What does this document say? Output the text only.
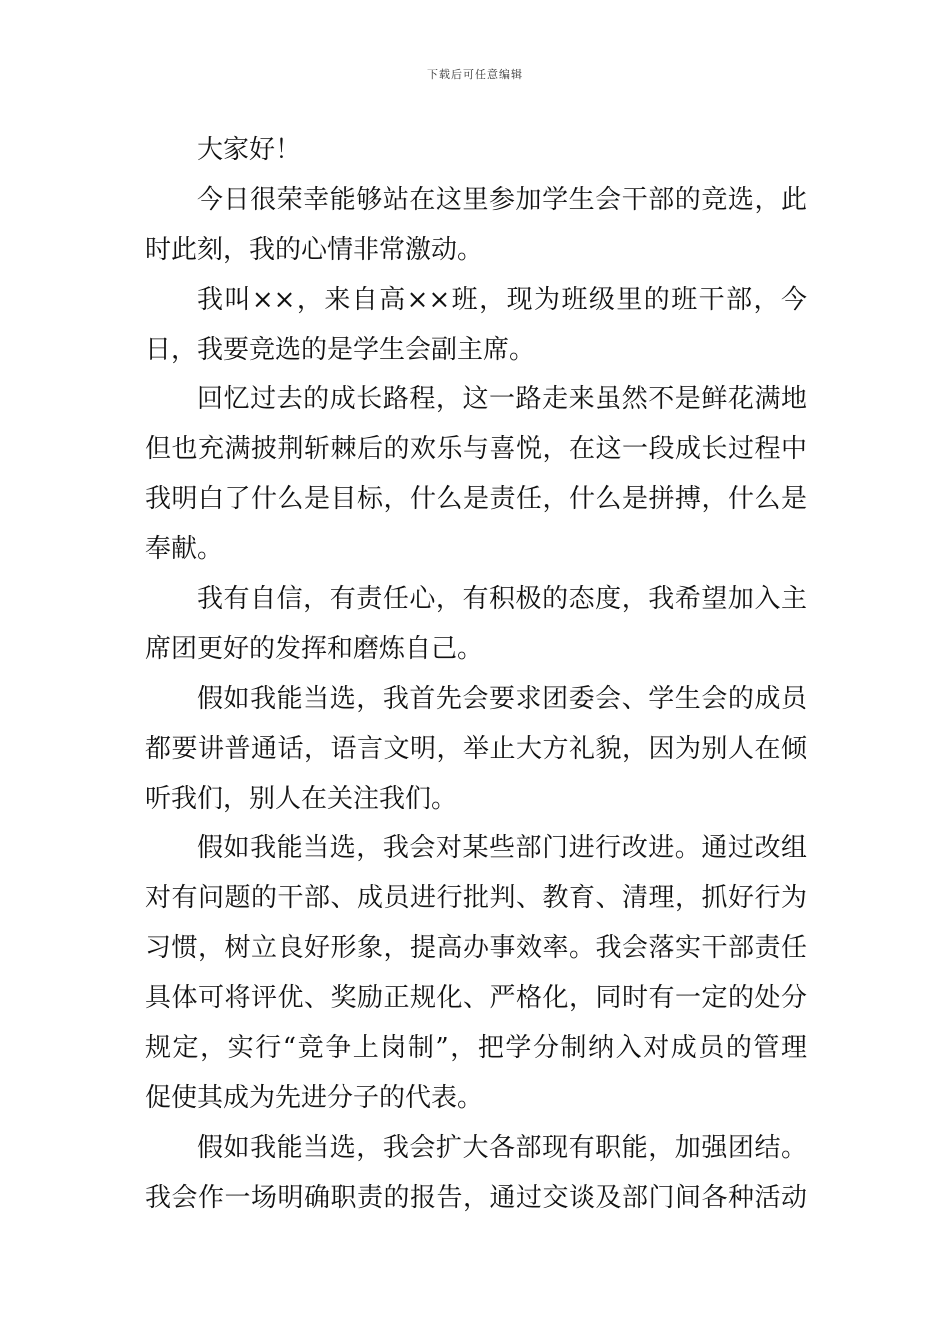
下载后可任意编辑
大家好！
今日很荣幸能够站在这里参加学生会干部的竞选，此
时此刻，我的心情非常激动。
我叫××，来自高××班，现为班级里的班干部，今
日，我要竞选的是学生会副主席。
回忆过去的成长路程，这一路走来虽然不是鲜花满地
但也充满披荆斩棘后的欢乐与喜悦，在这一段成长过程中
我明白了什么是目标，什么是责任，什么是拼搏，什么是
奉献。
我有自信，有责任心，有积极的态度，我希望加入主
席团更好的发挥和磨炼自己。
假如我能当选，我首先会要求团委会、学生会的成员
都要讲普通话，语言文明，举止大方礼貌，因为别人在倾
听我们，别人在关注我们。
假如我能当选，我会对某些部门进行改进。通过改组
对有问题的干部、成员进行批判、教育、清理，抓好行为
习惯，树立良好形象，提高办事效率。我会落实干部责任
具体可将评优、奖励正规化、严格化，同时有一定的处分
规定，实行“竞争上岗制”，把学分制纳入对成员的管理
促使其成为先进分子的代表。
假如我能当选，我会扩大各部现有职能，加强团结。
我会作一场明确职责的报告，通过交谈及部门间各种活动
